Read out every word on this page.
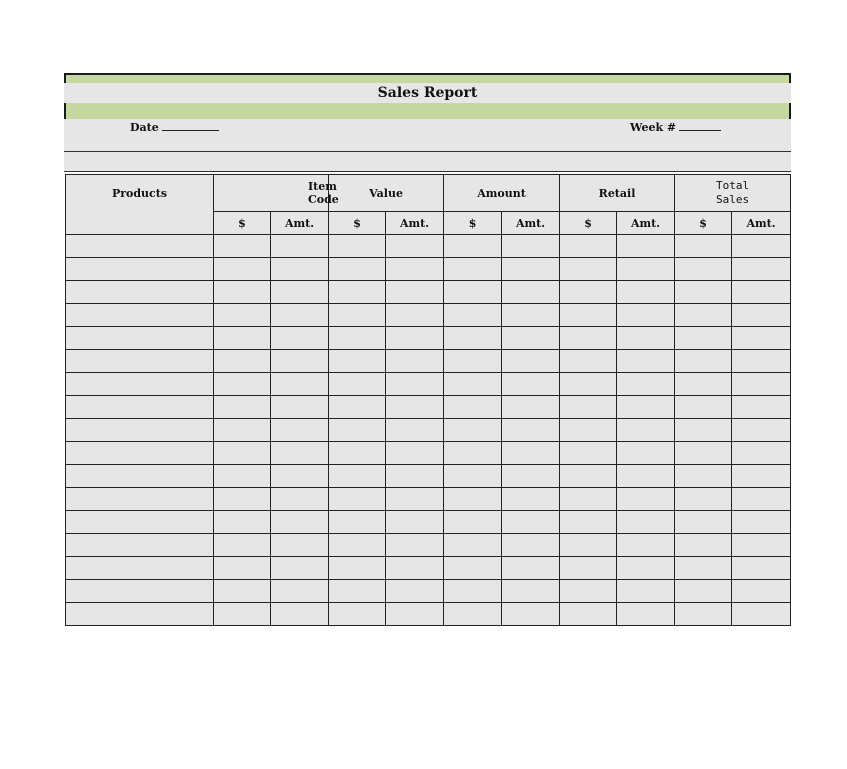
Sales Report
Date	Week #
Products	Item Code		Value		Amount		Retail		Total Sales	
	$	Amt.	$	Amt.	$	Amt.	$	Amt.	$	Amt.
